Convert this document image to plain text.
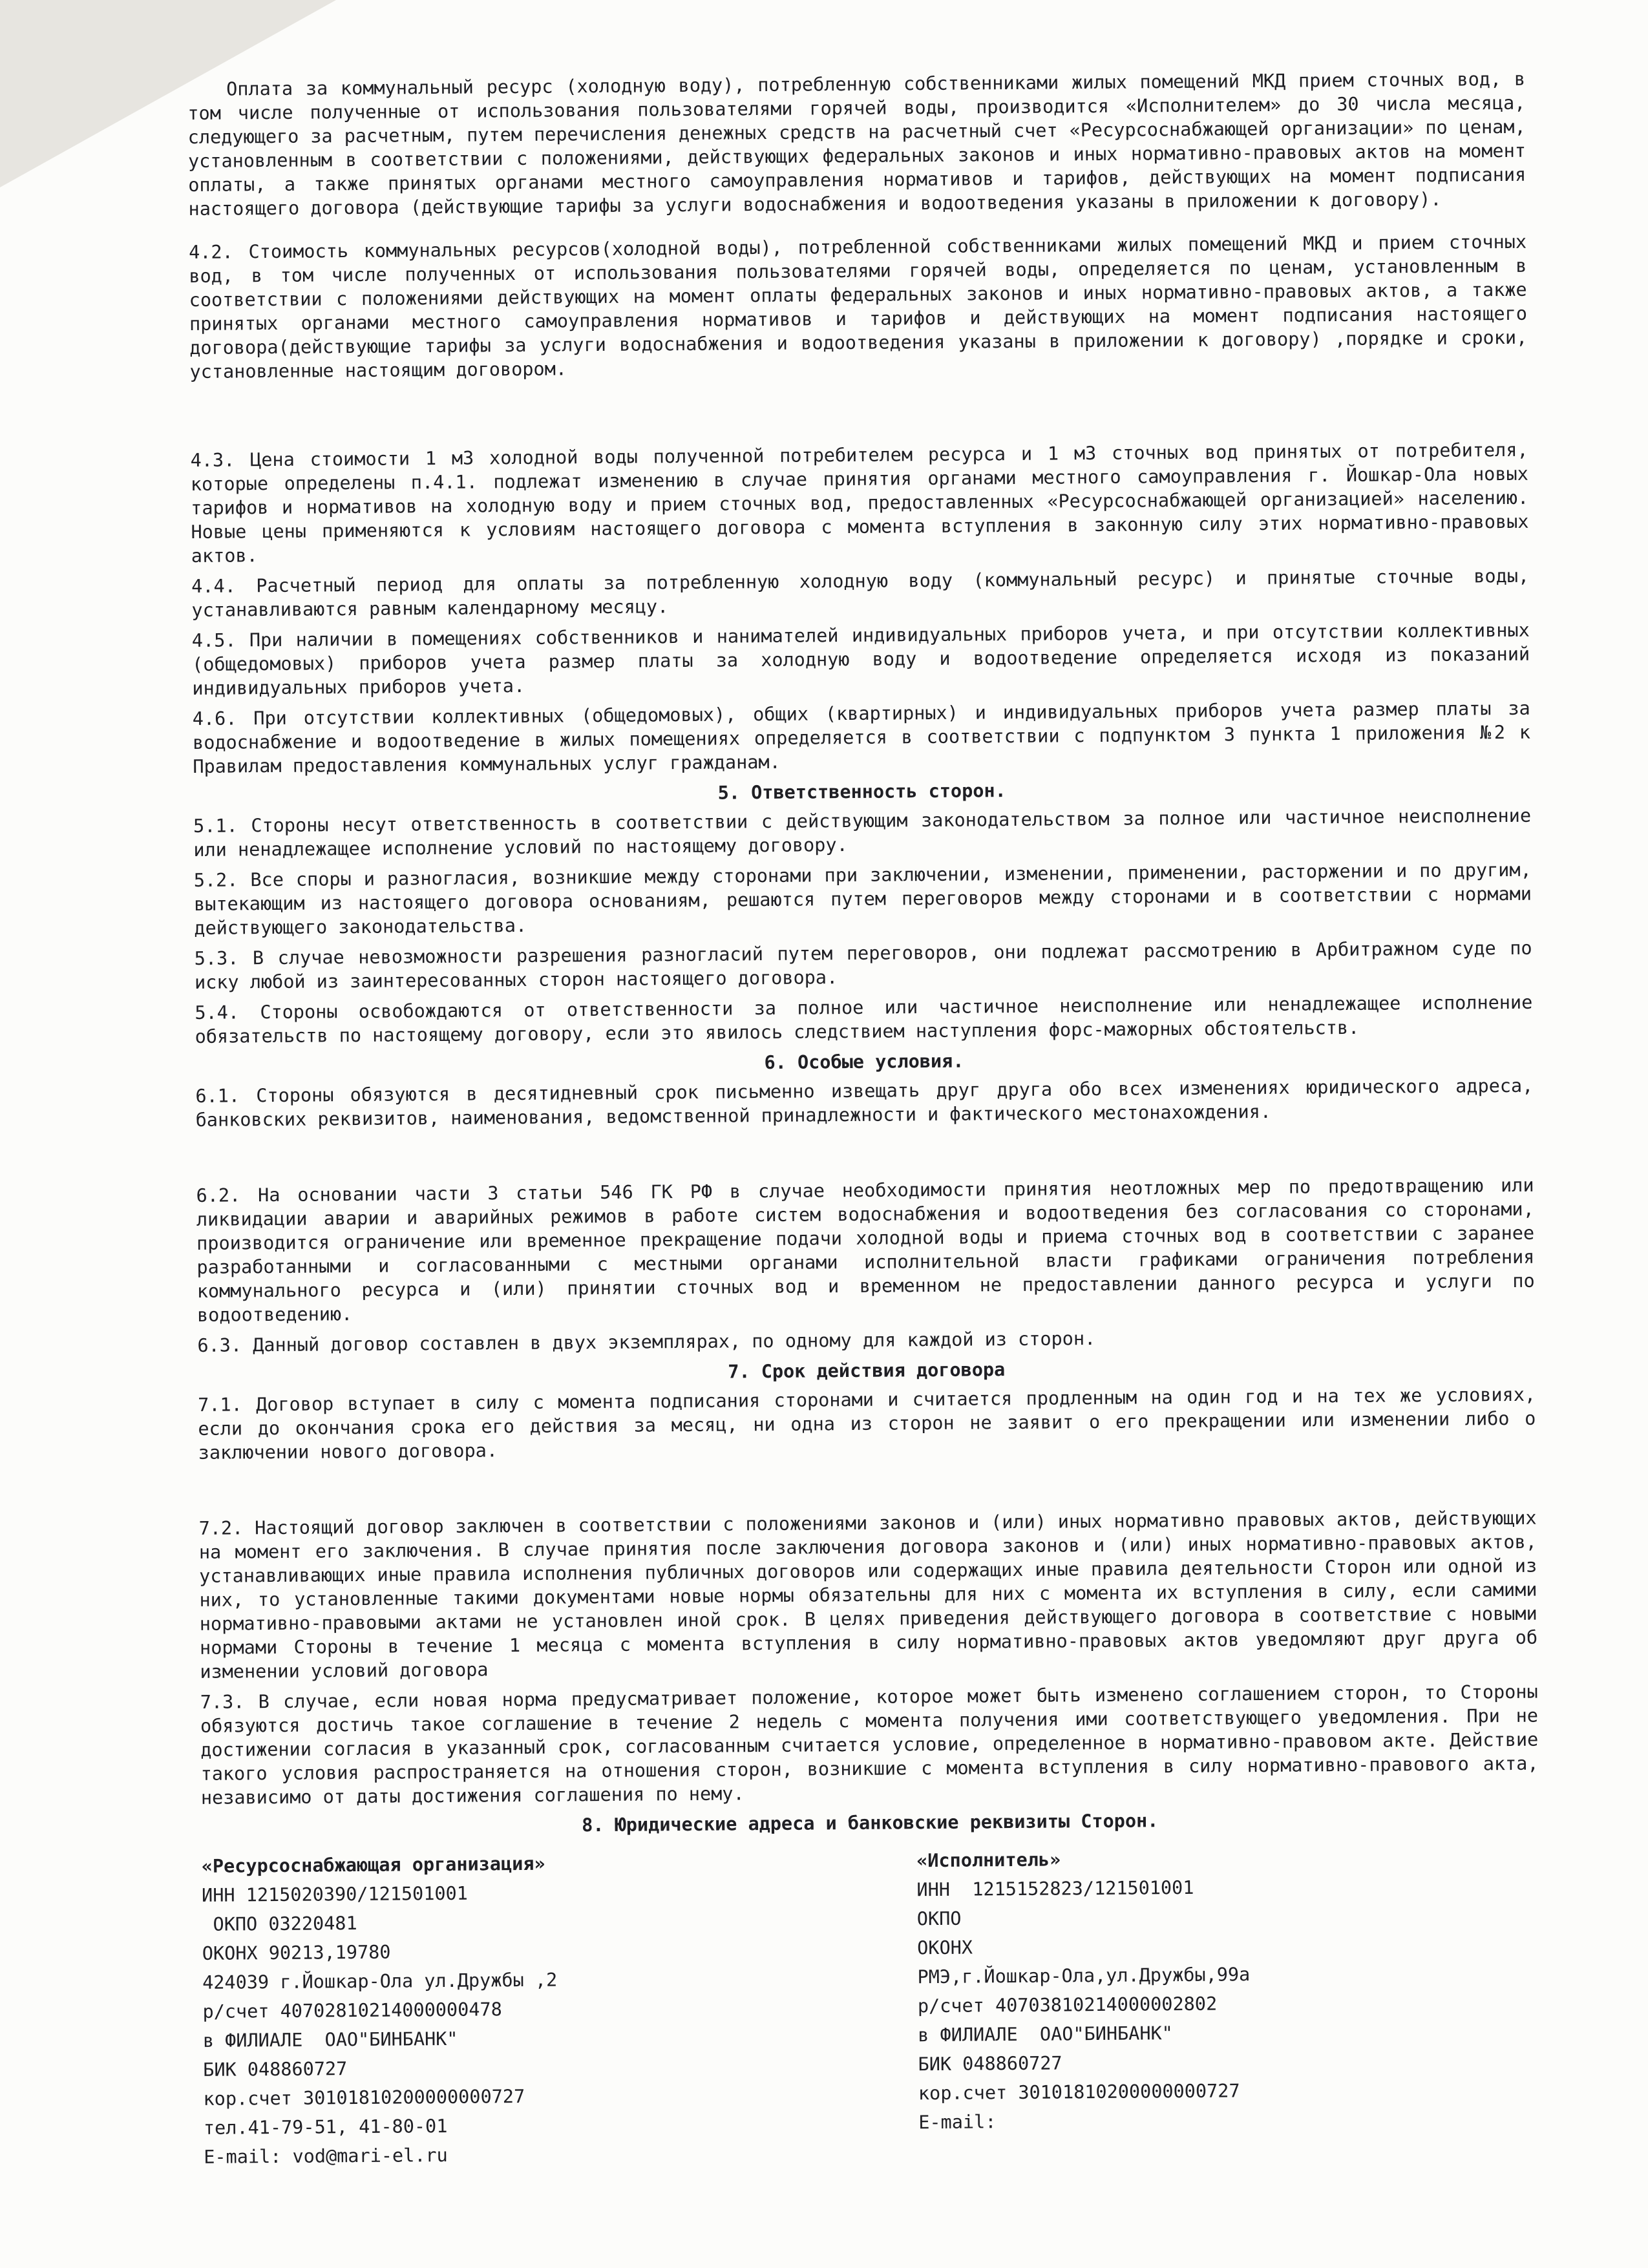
Оплата за коммунальный ресурс (холодную воду), потребленную собственниками жилых помещений МКД прием сточных вод, в том числе полученные от использования пользователями горячей воды, производится «Исполнителем» до 30 числа месяца, следующего за расчетным, путем перечисления денежных средств на расчетный счет «Ресурсоснабжающей организации» по ценам, установленным в соответствии с положениями, действующих федеральных законов и иных нормативно-правовых актов на момент оплаты, а также принятых органами местного самоуправления нормативов и тарифов, действующих на момент подписания настоящего договора (действующие тарифы за услуги водоснабжения и водоотведения указаны в приложении к договору).

4.2. Стоимость коммунальных ресурсов(холодной воды), потребленной собственниками жилых помещений МКД и прием сточных вод, в том числе полученных от использования пользователями горячей воды, определяется по ценам, установленным в соответствии с положениями действующих на момент оплаты федеральных законов и иных нормативно-правовых актов, а также принятых органами местного самоуправления нормативов и тарифов и действующих на момент подписания настоящего договора(действующие тарифы за услуги водоснабжения и водоотведения указаны в приложении к договору) ,порядке и сроки, установленные настоящим договором.

4.3. Цена стоимости 1 м3 холодной воды полученной потребителем ресурса и 1 м3 сточных вод принятых от потребителя, которые определены п.4.1. подлежат изменению в случае принятия органами местного самоуправления г. Йошкар-Ола новых тарифов и нормативов на холодную воду и прием сточных вод, предоставленных «Ресурсоснабжающей организацией» населению. Новые цены применяются к условиям настоящего договора с момента вступления в законную силу этих нормативно-правовых актов.

4.4. Расчетный период для оплаты за потребленную холодную воду (коммунальный ресурс) и принятые сточные воды, устанавливаются равным календарному месяцу.

4.5. При наличии в помещениях собственников и нанимателей индивидуальных приборов учета, и при отсутствии коллективных (общедомовых) приборов учета размер платы за холодную воду и водоотведение определяется исходя из показаний индивидуальных приборов учета.

4.6. При отсутствии коллективных (общедомовых), общих (квартирных) и индивидуальных приборов учета размер платы за водоснабжение и водоотведение в жилых помещениях определяется в соответствии с подпунктом 3 пункта 1 приложения №2 к Правилам предоставления коммунальных услуг гражданам.

5. Ответственность сторон.

5.1. Стороны несут ответственность в соответствии с действующим законодательством за полное или частичное неисполнение или ненадлежащее исполнение условий по настоящему договору.

5.2. Все споры и разногласия, возникшие между сторонами при заключении, изменении, применении, расторжении и по другим, вытекающим из настоящего договора основаниям, решаются путем переговоров между сторонами и в соответствии с нормами действующего законодательства.

5.3. В случае невозможности разрешения разногласий путем переговоров, они подлежат рассмотрению в Арбитражном суде по иску любой из заинтересованных сторон настоящего договора.

5.4. Стороны освобождаются от ответственности за полное или частичное неисполнение или ненадлежащее исполнение обязательств по настоящему договору, если это явилось следствием наступления форс-мажорных обстоятельств.

6. Особые условия.

6.1. Стороны обязуются в десятидневный срок письменно извещать друг друга обо всех изменениях юридического адреса, банковских реквизитов, наименования, ведомственной принадлежности и фактического местонахождения.

6.2. На основании части 3 статьи 546 ГК РФ в случае необходимости принятия неотложных мер по предотвращению или ликвидации аварии и аварийных режимов в работе систем водоснабжения и водоотведения без согласования со сторонами, производится ограничение или временное прекращение подачи холодной воды и приема сточных вод в соответствии с заранее разработанными и согласованными с местными органами исполнительной власти графиками ограничения потребления коммунального ресурса и (или) принятии сточных вод и временном не предоставлении данного ресурса и услуги по водоотведению.

6.3. Данный договор составлен в двух экземплярах, по одному для каждой из сторон.

7. Срок действия договора

7.1. Договор вступает в силу с момента подписания сторонами и считается продленным на один год и на тех же условиях, если до окончания срока его действия за месяц, ни одна из сторон не заявит о его прекращении или изменении либо о заключении нового договора.

7.2. Настоящий договор заключен в соответствии с положениями законов и (или) иных нормативно правовых актов, действующих на момент его заключения. В случае принятия после заключения договора законов и (или) иных нормативно-правовых актов, устанавливающих иные правила исполнения публичных договоров или содержащих иные правила деятельности Сторон или одной из них, то установленные такими документами новые нормы обязательны для них с момента их вступления в силу, если самими нормативно-правовыми актами не установлен иной срок. В целях приведения действующего договора в соответствие с новыми нормами Стороны в течение 1 месяца с момента вступления в силу нормативно-правовых актов уведомляют друг друга об изменении условий договора

7.3. В случае, если новая норма предусматривает положение, которое может быть изменено соглашением сторон, то Стороны обязуются достичь такое соглашение в течение 2 недель с момента получения ими соответствующего уведомления. При не достижении согласия в указанный срок, согласованным считается условие, определенное в нормативно-правовом акте. Действие такого условия распространяется на отношения сторон, возникшие с момента вступления в силу нормативно-правового акта, независимо от даты достижения соглашения по нему.

8. Юридические адреса и банковские реквизиты Сторон.
«Ресурсоснабжающая организация»
ИНН 1215020390/121501001
ОКПО 03220481
ОКОНХ 90213,19780
424039 г.Йошкар-Ола ул.Дружбы ,2
р/счет 40702810214000000478
в ФИЛИАЛЕ  ОАО"БИНБАНК"
БИК 048860727
кор.счет 30101810200000000727
тел.41-79-51, 41-80-01
E-mail: vod@mari-el.ru
«Исполнитель»
ИНН  1215152823/121501001
ОКПО
ОКОНХ
РМЭ,г.Йошкар-Ола,ул.Дружбы,99а
р/счет 40703810214000002802
в ФИЛИАЛЕ  ОАО"БИНБАНК"
БИК 048860727
кор.счет 30101810200000000727
E-mail:
